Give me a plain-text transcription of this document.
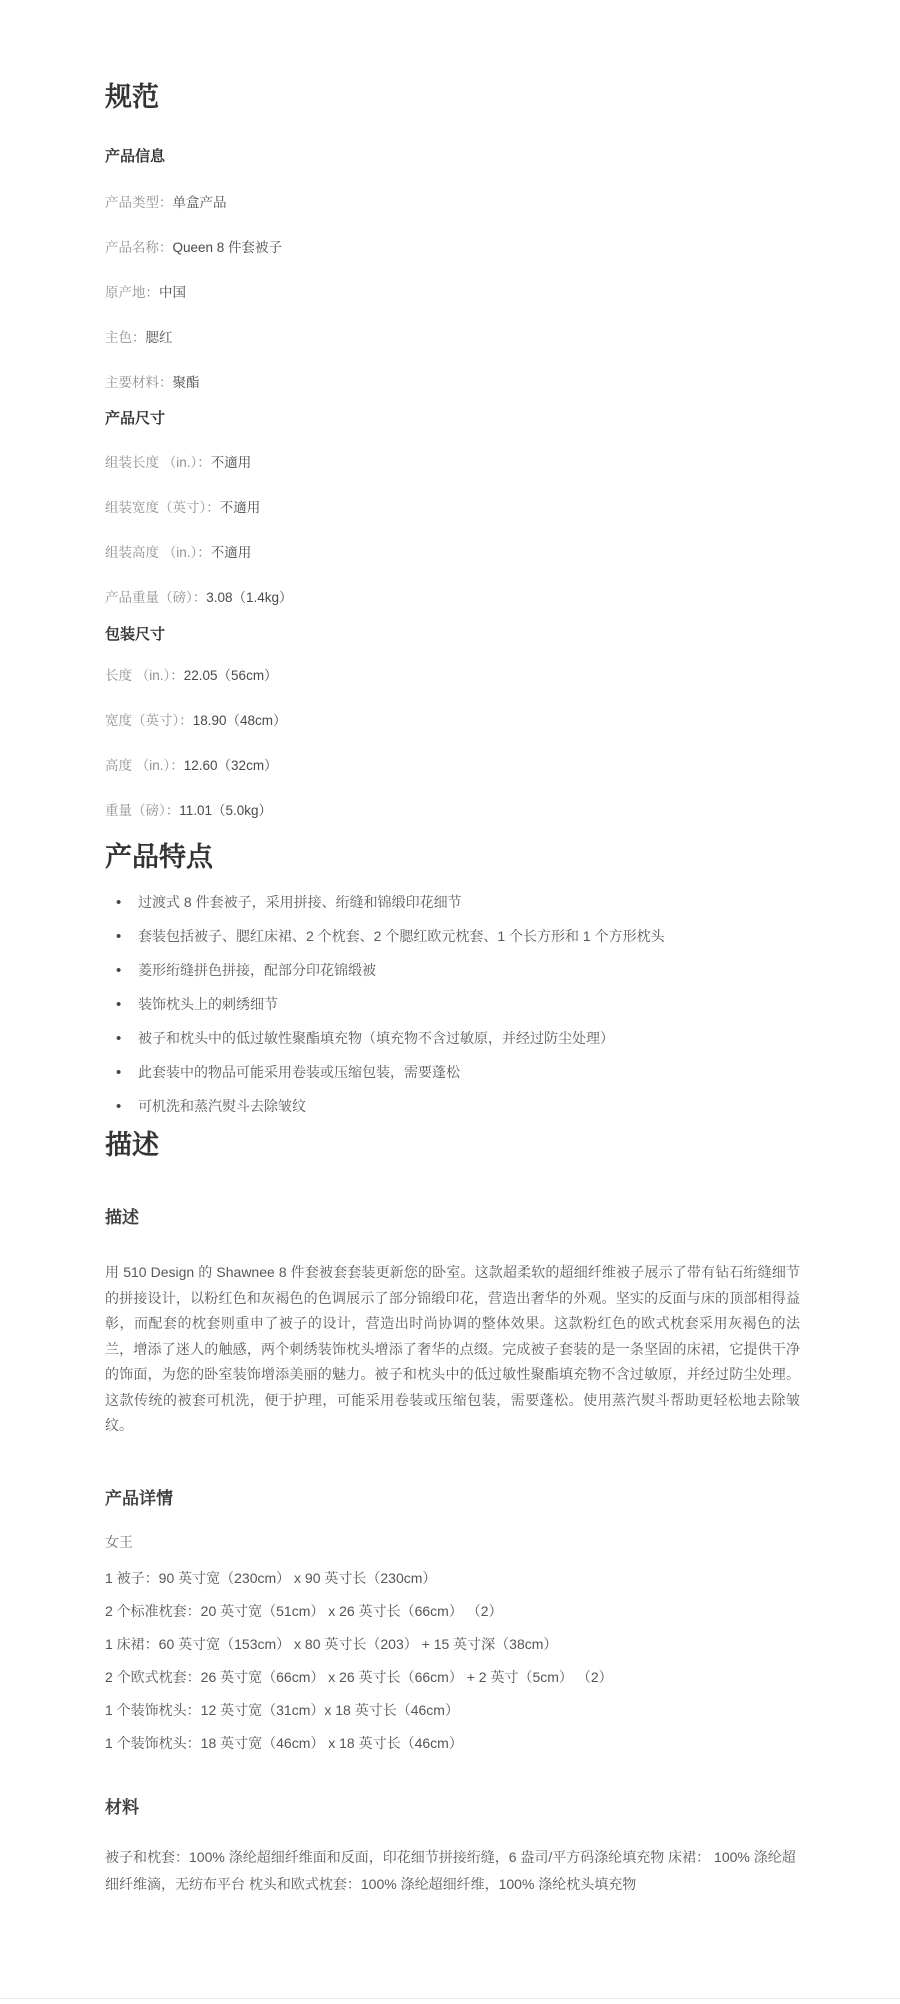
规范
产品信息
产品类型：单盒产品
产品名称：Queen 8 件套被子
原产地：中国
主色：腮红
主要材料：聚酯
产品尺寸
组装长度 （in.）：不適用
组装宽度（英寸）：不適用
组装高度 （in.）：不適用
产品重量（磅）：3.08（1.4kg）
包装尺寸
长度 （in.）：22.05（56cm）
宽度（英寸）：18.90（48cm）
高度 （in.）：12.60（32cm）
重量（磅）：11.01（5.0kg）
产品特点
• 过渡式 8 件套被子，采用拼接、绗缝和锦缎印花细节
• 套装包括被子、腮红床裙、2 个枕套、2 个腮红欧元枕套、1 个长方形和 1 个方形枕头
• 菱形绗缝拼色拼接，配部分印花锦缎被
• 装饰枕头上的刺绣细节
• 被子和枕头中的低过敏性聚酯填充物（填充物不含过敏原，并经过防尘处理）
• 此套装中的物品可能采用卷装或压缩包装，需要蓬松
• 可机洗和蒸汽熨斗去除皱纹
描述
描述

用 510 Design 的 Shawnee 8 件套被套套装更新您的卧室。这款超柔软的超细纤维被子展示了带有钻石绗缝细节的拼接设计，以粉红色和灰褐色的色调展示了部分锦缎印花，营造出奢华的外观。坚实的反面与床的顶部相得益彰，而配套的枕套则重申了被子的设计，营造出时尚协调的整体效果。这款粉红色的欧式枕套采用灰褐色的法兰，增添了迷人的触感，两个刺绣装饰枕头增添了奢华的点缀。完成被子套装的是一条坚固的床裙，它提供干净的饰面，为您的卧室装饰增添美丽的魅力。被子和枕头中的低过敏性聚酯填充物不含过敏原，并经过防尘处理。这款传统的被套可机洗，便于护理，可能采用卷装或压缩包装，需要蓬松。使用蒸汽熨斗帮助更轻松地去除皱纹。

产品详情
女王
1 被子：90 英寸宽（230cm） x 90 英寸长（230cm）
2 个标准枕套：20 英寸宽（51cm） x 26 英寸长（66cm） （2）
1 床裙：60 英寸宽（153cm） x 80 英寸长（203） + 15 英寸深（38cm）
2 个欧式枕套：26 英寸宽（66cm） x 26 英寸长（66cm） + 2 英寸（5cm） （2）
1 个装饰枕头：12 英寸宽（31cm）x 18 英寸长（46cm）
1 个装饰枕头：18 英寸宽（46cm） x 18 英寸长（46cm）
材料

被子和枕套：100% 涤纶超细纤维面和反面，印花细节拼接绗缝，6 盎司/平方码涤纶填充物 床裙： 100% 涤纶超细纤维滴，无纺布平台 枕头和欧式枕套：100% 涤纶超细纤维，100% 涤纶枕头填充物
